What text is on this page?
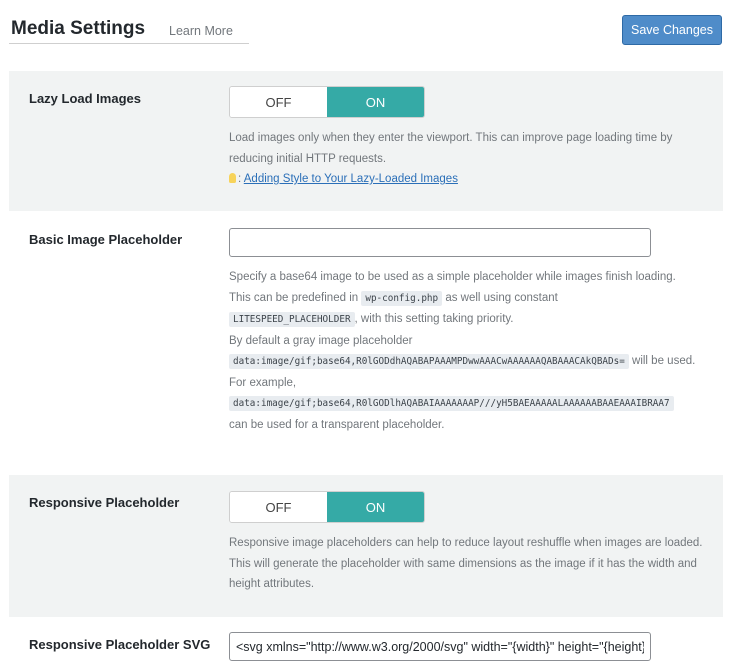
Media Settings Learn More	Save Changes
Lazy Load Images	OFF	ON
Load images only when they enter the viewport. This can improve page loading time by reducing initial HTTP requests.
: Adding Style to Your Lazy-Loaded Images
Basic Image Placeholder
Specify a base64 image to be used as a simple placeholder while images finish loading.
This can be predefined in wp-config.php as well using constant
LITESPEED_PLACEHOLDER , with this setting taking priority.
By default a gray image placeholder
data:image/gif;base64,R0lGODdhAQABAPAAAMPDwwAAACwAAAAAAQABAAACAkQBADs= will be used.
For example,
data:image/gif;base64,R0lGODlhAQABAIAAAAAAAP///yH5BAEAAAAALAAAAAABAAEAAAIBRAA7
can be used for a transparent placeholder.
Responsive Placeholder	OFF	ON
Responsive image placeholders can help to reduce layout reshuffle when images are loaded. This will generate the placeholder with same dimensions as the image if it has the width and height attributes.
Responsive Placeholder SVG
<svg xmlns="http://www.w3.org/2000/svg" width="{width}" height="{height}" viewBox="0 0 {width} {height}"><rect width="100%" height="100%" fill="#cfd4db"/></svg>
